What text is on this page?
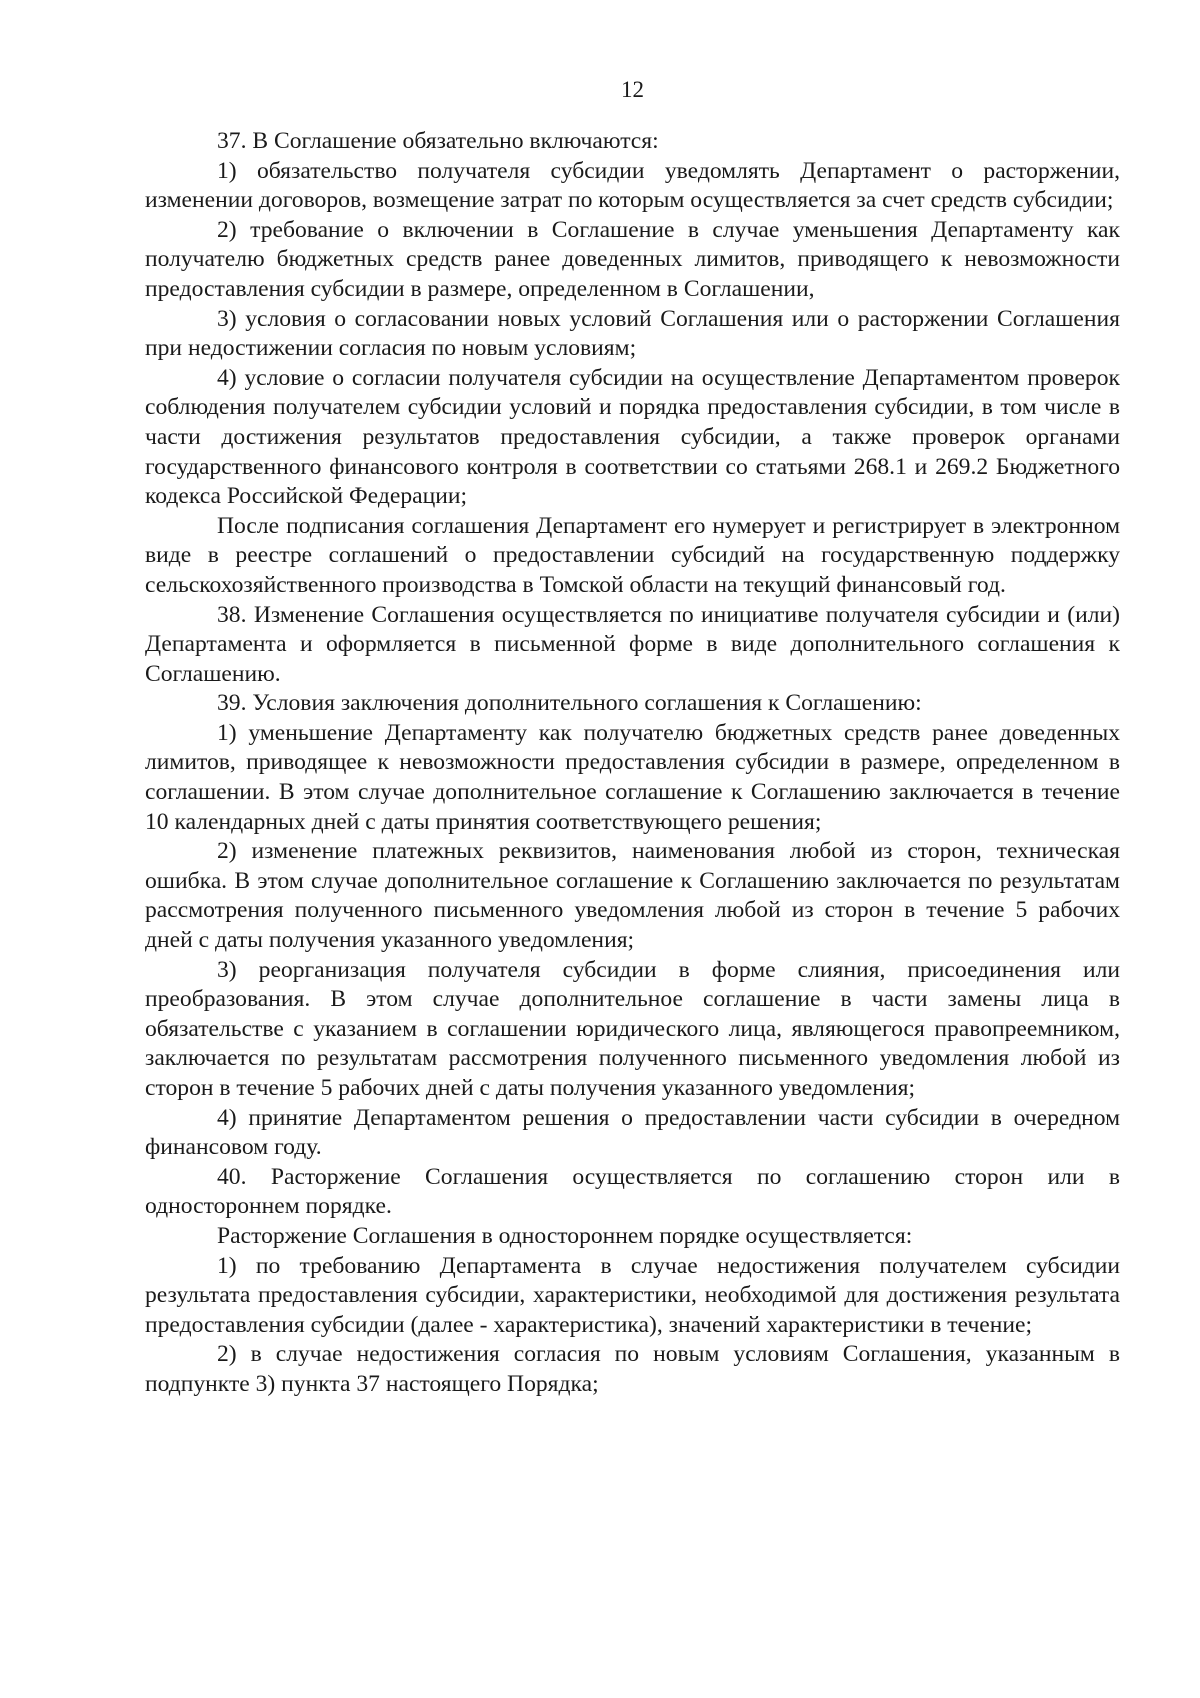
12

37. В Соглашение обязательно включаются:

1) обязательство получателя субсидии уведомлять Департамент о расторжении, изменении договоров, возмещение затрат по которым осуществляется за счет средств субсидии;

2) требование о включении в Соглашение в случае уменьшения Департаменту как получателю бюджетных средств ранее доведенных лимитов, приводящего к невозможности предоставления субсидии в размере, определенном в Соглашении,

3) условия о согласовании новых условий Соглашения или о расторжении Соглашения при недостижении согласия по новым условиям;

4) условие о согласии получателя субсидии на осуществление Департаментом проверок соблюдения получателем субсидии условий и порядка предоставления субсидии, в том числе в части достижения результатов предоставления субсидии, а также проверок органами государственного финансового контроля в соответствии со статьями 268.1 и 269.2 Бюджетного кодекса Российской Федерации;

После подписания соглашения Департамент его нумерует и регистрирует в электронном виде в реестре соглашений о предоставлении субсидий на государственную поддержку сельскохозяйственного производства в Томской области на текущий финансовый год.

38. Изменение Соглашения осуществляется по инициативе получателя субсидии и (или) Департамента и оформляется в письменной форме в виде дополнительного соглашения к Соглашению.

39. Условия заключения дополнительного соглашения к Соглашению:

1) уменьшение Департаменту как получателю бюджетных средств ранее доведенных лимитов, приводящее к невозможности предоставления субсидии в размере, определенном в соглашении. В этом случае дополнительное соглашение к Соглашению заключается в течение 10 календарных дней с даты принятия соответствующего решения;

2) изменение платежных реквизитов, наименования любой из сторон, техническая ошибка. В этом случае дополнительное соглашение к Соглашению заключается по результатам рассмотрения полученного письменного уведомления любой из сторон в течение 5 рабочих дней с даты получения указанного уведомления;

3) реорганизация получателя субсидии в форме слияния, присоединения или преобразования. В этом случае дополнительное соглашение в части замены лица в обязательстве с указанием в соглашении юридического лица, являющегося правопреемником, заключается по результатам рассмотрения полученного письменного уведомления любой из сторон в течение 5 рабочих дней с даты получения указанного уведомления;

4) принятие Департаментом решения о предоставлении части субсидии в очередном финансовом году.

40. Расторжение Соглашения осуществляется по соглашению сторон или в одностороннем порядке.

Расторжение Соглашения в одностороннем порядке осуществляется:

1) по требованию Департамента в случае недостижения получателем субсидии результата предоставления субсидии, характеристики, необходимой для достижения результата предоставления субсидии (далее - характеристика), значений характеристики в течение;

2) в случае недостижения согласия по новым условиям Соглашения, указанным в подпункте 3) пункта 37 настоящего Порядка;
